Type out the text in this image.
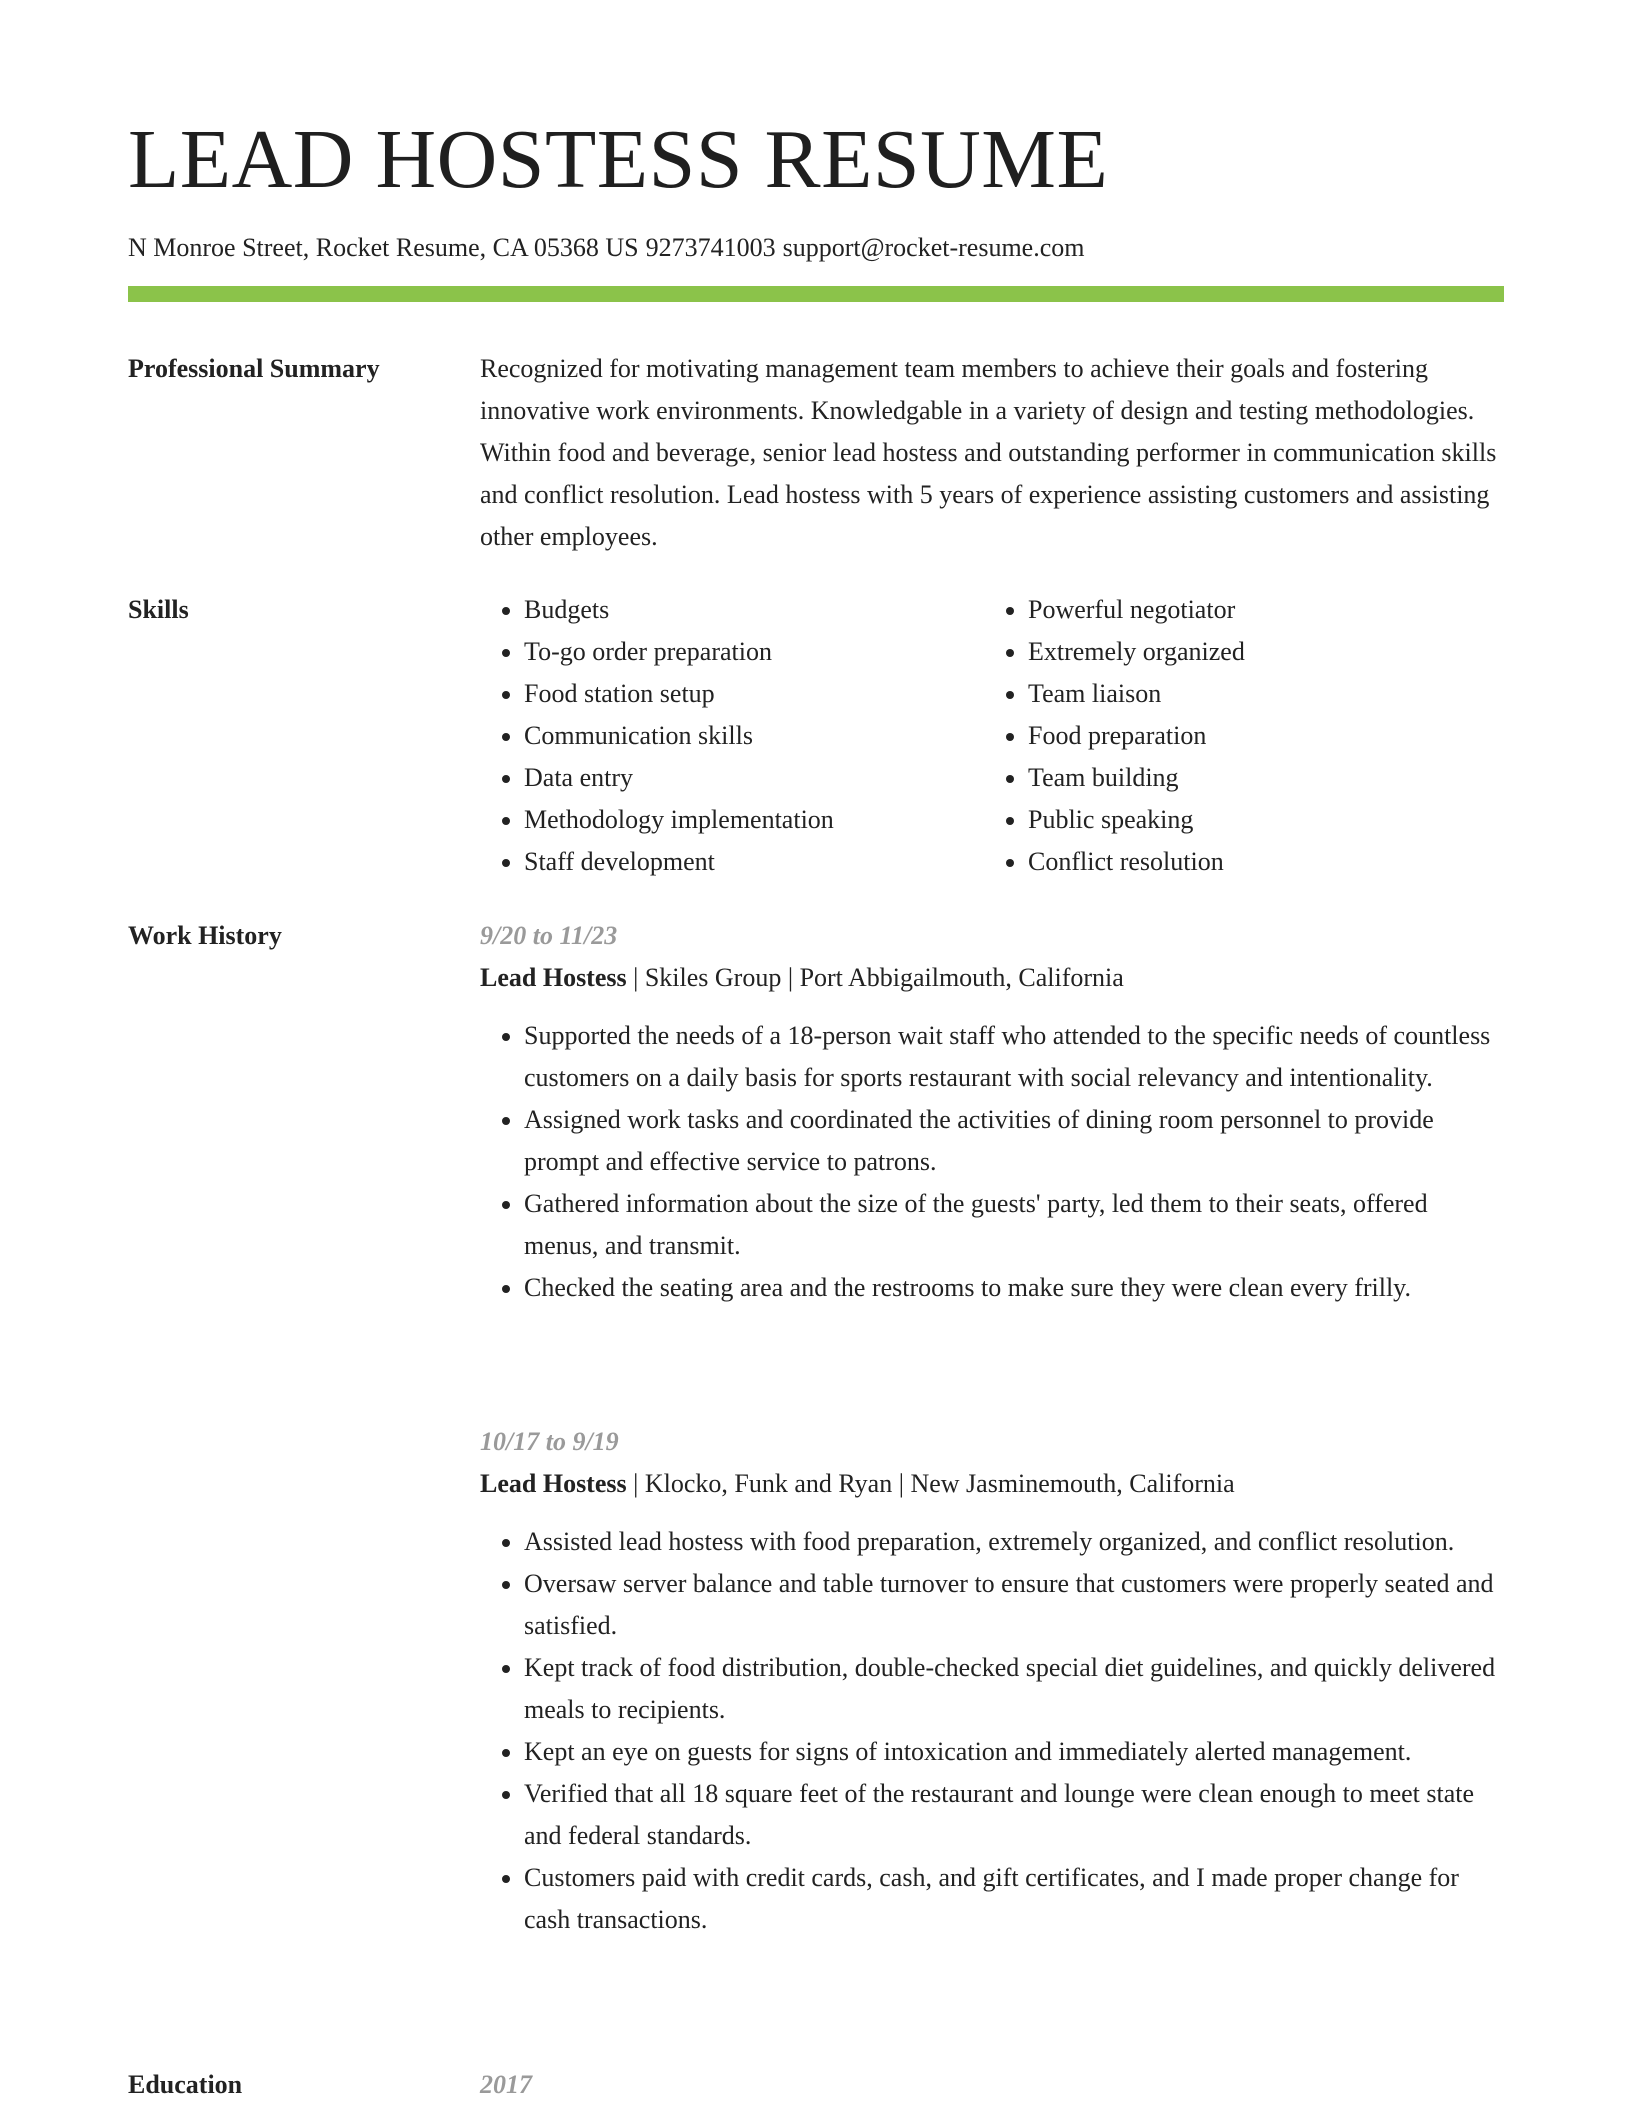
LEAD HOSTESS RESUME
N Monroe Street, Rocket Resume, CA 05368 US 9273741003 support@rocket-resume.com
Professional Summary	Recognized for motivating management team members to achieve their goals and fostering innovative work environments. Knowledgable in a variety of design and testing methodologies. Within food and beverage, senior lead hostess and outstanding performer in communication skills and conflict resolution. Lead hostess with 5 years of experience assisting customers and assisting other employees.

Skills
•	Budgets
• To-go order preparation
• Food station setup
• Communication skills
• Data entry
• Methodology implementation
• Staff development
• Powerful negotiator
• Extremely organized
• Team liaison
• Food preparation
• Team building
• Public speaking
• Conflict resolution
Work History	9/20 to 11/23
Lead Hostess | Skiles Group | Port Abbigailmouth, California
• Supported the needs of a 18-person wait staff who attended to the specific needs of countless customers on a daily basis for sports restaurant with social relevancy and intentionality.
• Assigned work tasks and coordinated the activities of dining room personnel to provide prompt and effective service to patrons.
• Gathered information about the size of the guests' party, led them to their seats, offered menus, and transmit.
• Checked the seating area and the restrooms to make sure they were clean every frilly.
10/17 to 9/19
Lead Hostess | Klocko, Funk and Ryan | New Jasminemouth, California
• Assisted lead hostess with food preparation, extremely organized, and conflict resolution.
• Oversaw server balance and table turnover to ensure that customers were properly seated and satisfied.
• Kept track of food distribution, double-checked special diet guidelines, and quickly delivered meals to recipients.
• Kept an eye on guests for signs of intoxication and immediately alerted management.
• Verified that all 18 square feet of the restaurant and lounge were clean enough to meet state and federal standards.
• Customers paid with credit cards, cash, and gift certificates, and I made proper change for cash transactions.
Education	2017
